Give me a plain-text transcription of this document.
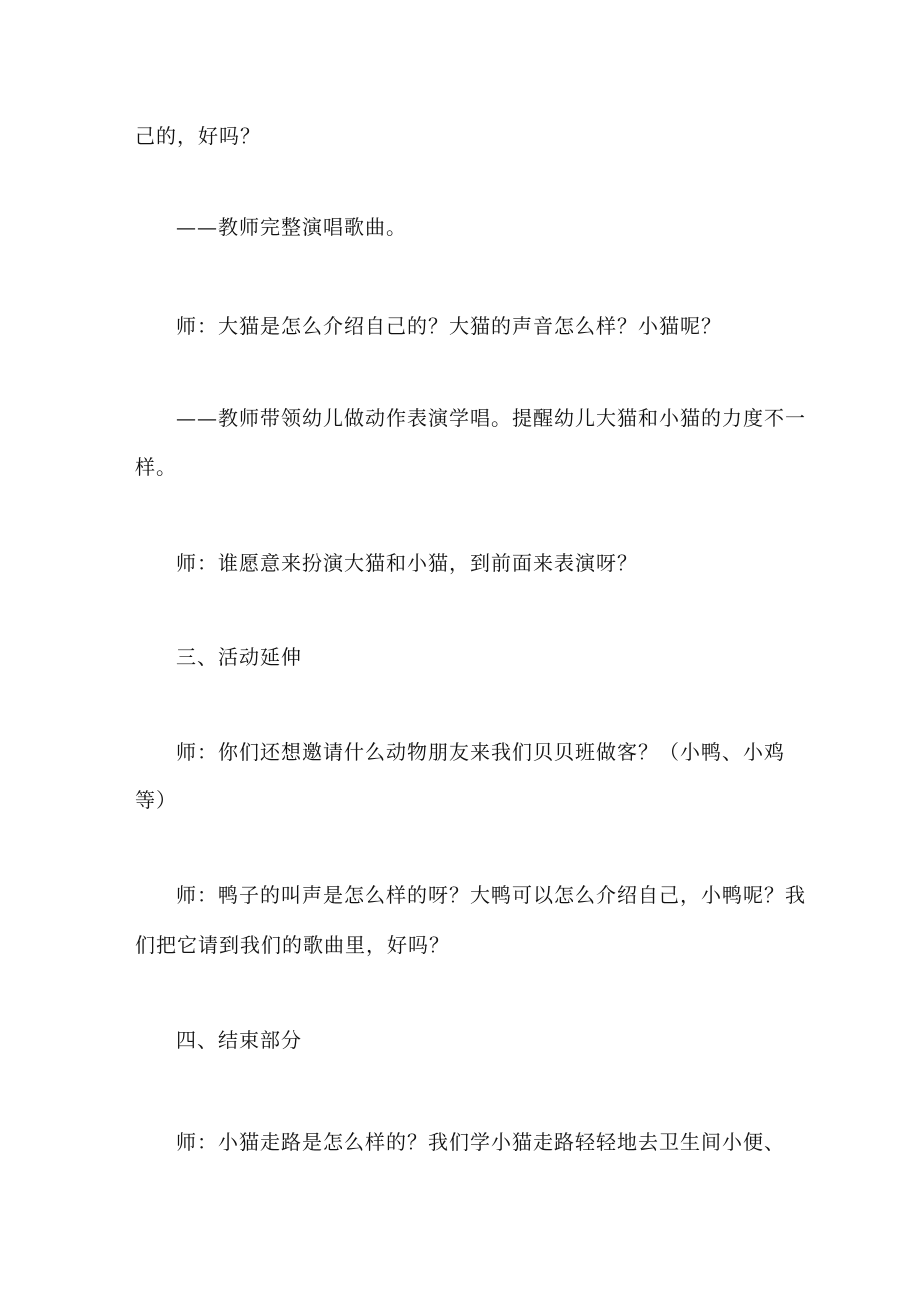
己的，好吗？
——教师完整演唱歌曲。
师：大猫是怎么介绍自己的？大猫的声音怎么样？小猫呢？
——教师带领幼儿做动作表演学唱。提醒幼儿大猫和小猫的力度不一
样。
师：谁愿意来扮演大猫和小猫，到前面来表演呀？
三、活动延伸
师：你们还想邀请什么动物朋友来我们贝贝班做客？（小鸭、小鸡
等）
师：鸭子的叫声是怎么样的呀？大鸭可以怎么介绍自己，小鸭呢？我
们把它请到我们的歌曲里，好吗？
四、结束部分
师：小猫走路是怎么样的？我们学小猫走路轻轻地去卫生间小便、
